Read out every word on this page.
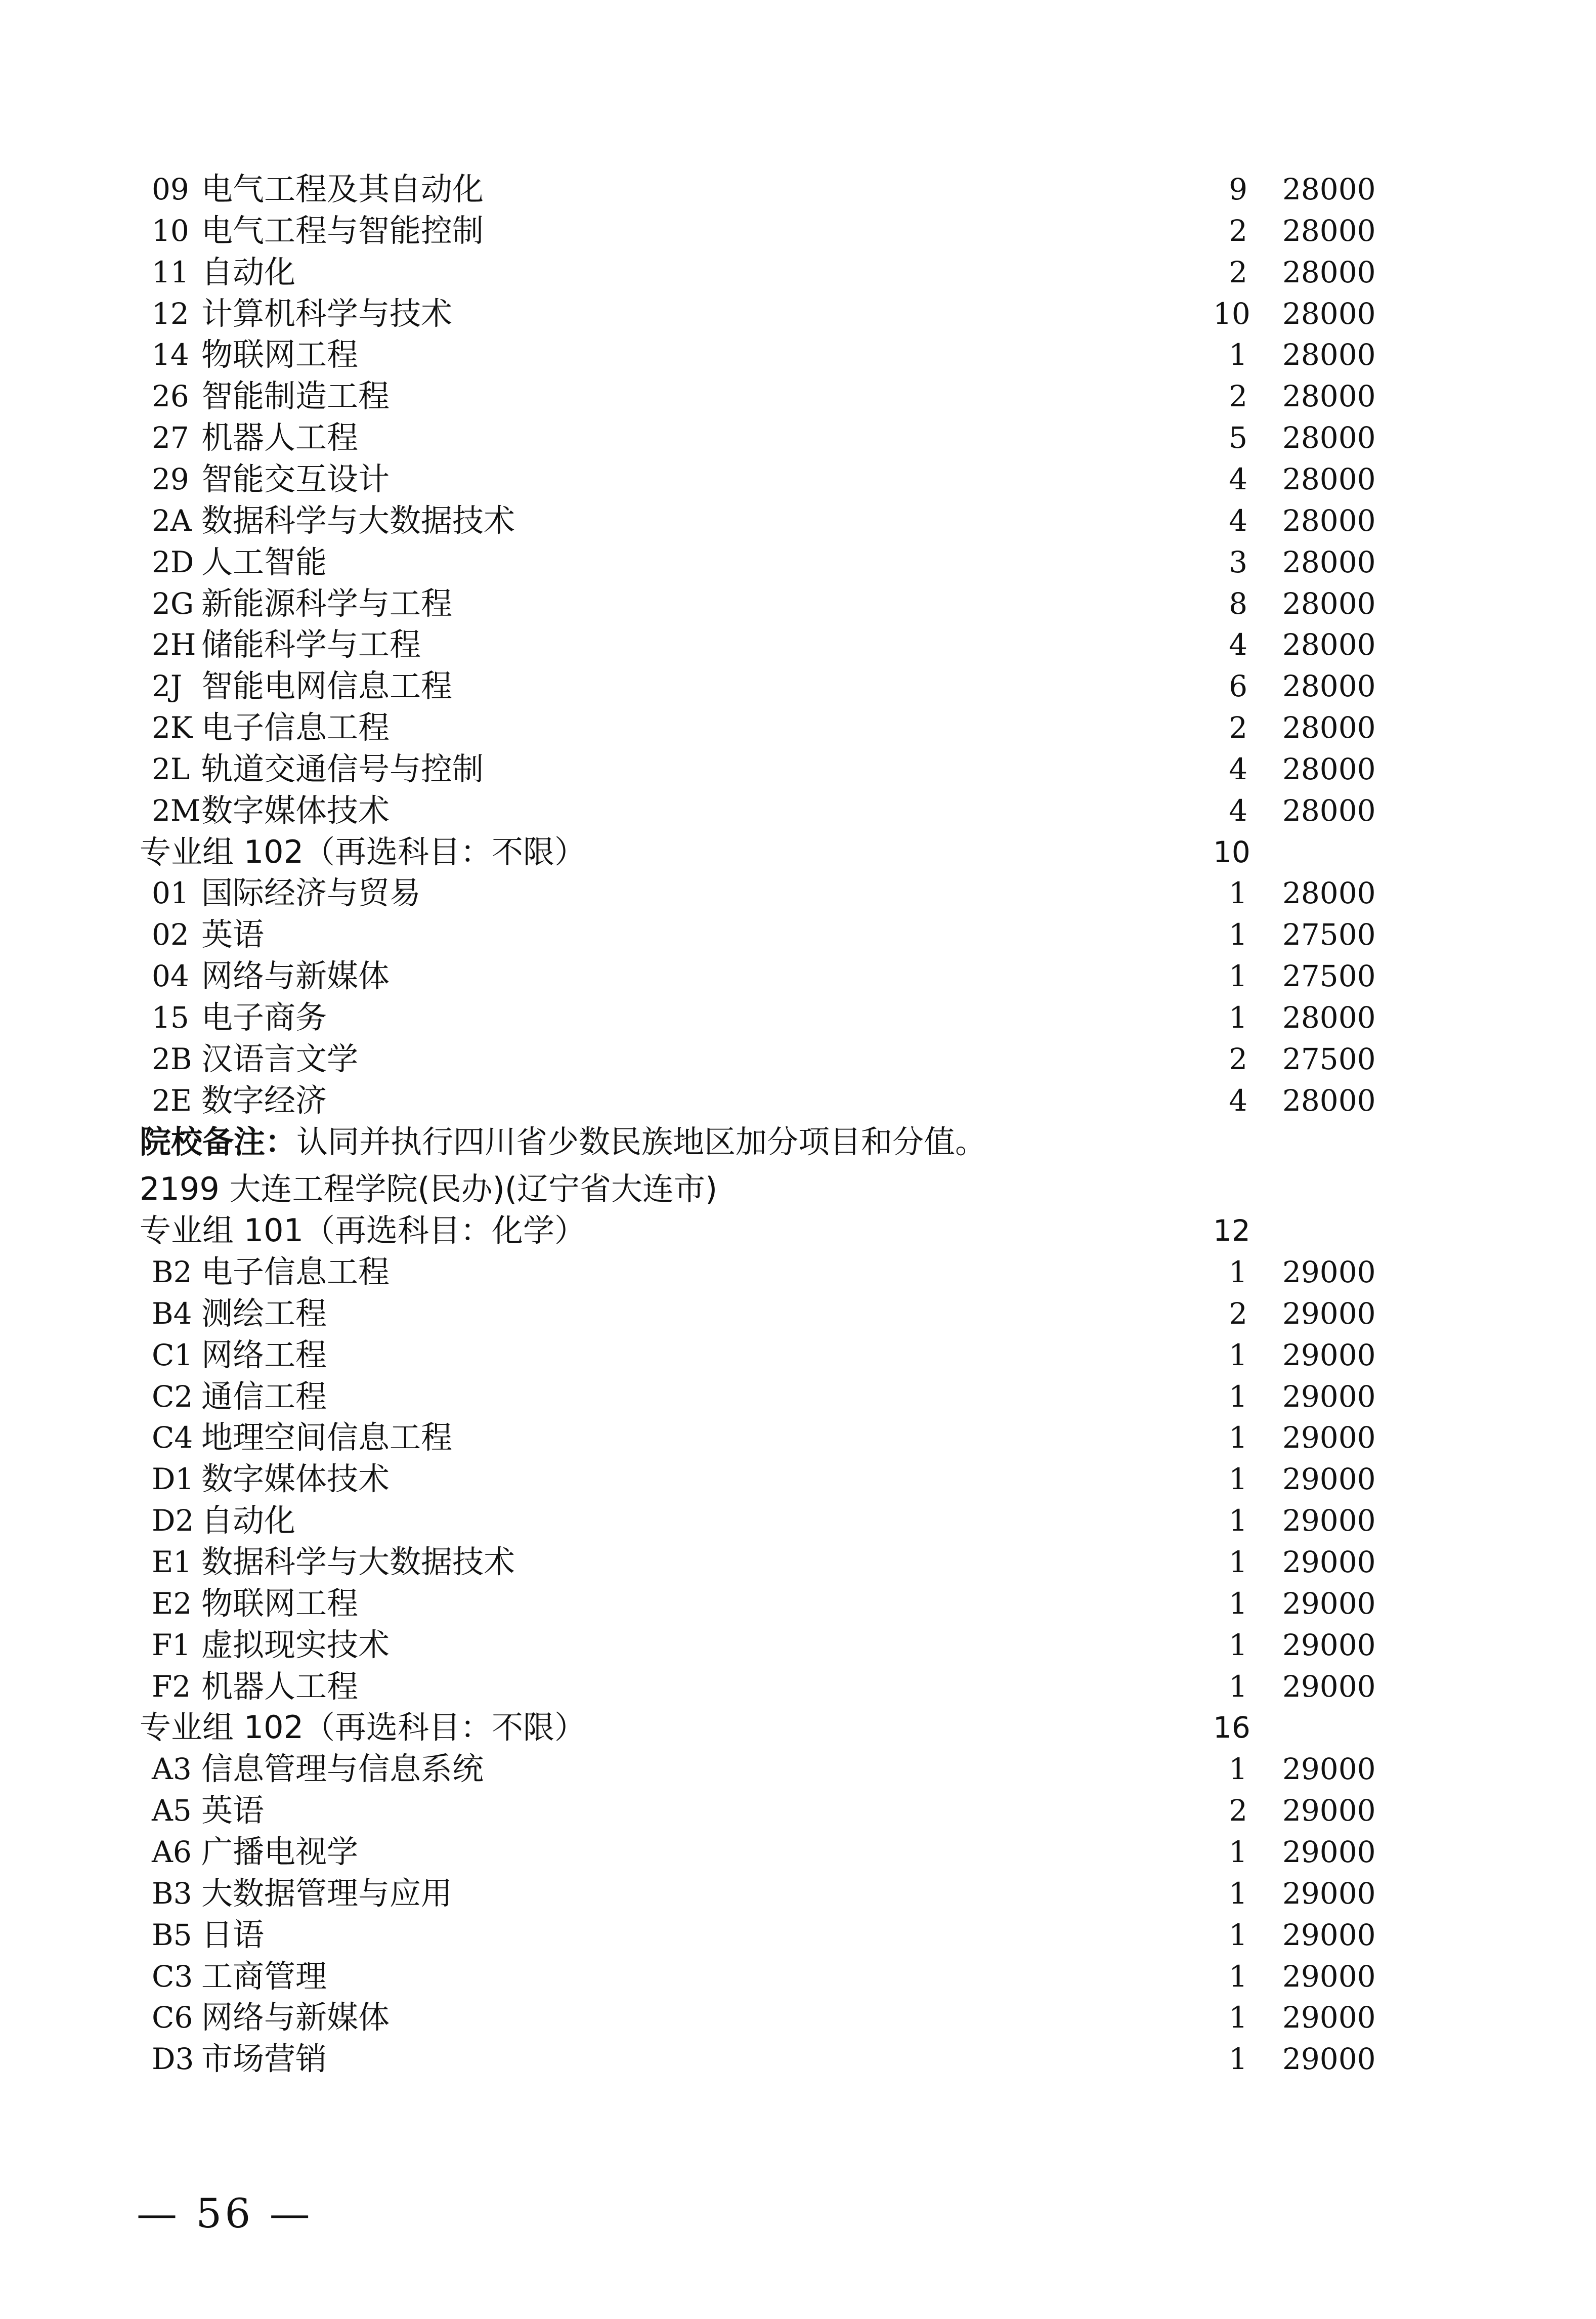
09 电气工程及其自动化	9 28000
10 电气工程与智能控制	2 28000
11 自动化	2 28000
12 计算机科学与技术	10 28000
14 物联网工程	1 28000
26 智能制造工程	2 28000
27 机器人工程	5 28000
29 智能交互设计	4 28000
2A 数据科学与大数据技术	4 28000
2D 人工智能	3 28000
2G 新能源科学与工程	8 28000
2H 储能科学与工程	4 28000
2J 智能电网信息工程	6 28000
2K 电子信息工程	2 28000
2L 轨道交通信号与控制	4 28000
2M 数字媒体技术	4 28000
专业组 102（再选科目：不限）	10
01 国际经济与贸易	1 28000
02 英语	1 27500
04 网络与新媒体	1 27500
15 电子商务	1 28000
2B 汉语言文学	2 27500
2E 数字经济	4 28000
院校备注：认同并执行四川省少数民族地区加分项目和分值。
2199 大连工程学院(民办)(辽宁省大连市)
专业组 101（再选科目：化学）	12
B2 电子信息工程	1 29000
B4 测绘工程	2 29000
C1 网络工程	1 29000
C2 通信工程	1 29000
C4 地理空间信息工程	1 29000
D1 数字媒体技术	1 29000
D2 自动化	1 29000
E1 数据科学与大数据技术	1 29000
E2 物联网工程	1 29000
F1 虚拟现实技术	1 29000
F2 机器人工程	1 29000
专业组 102（再选科目：不限）	16
A3 信息管理与信息系统	1 29000
A5 英语	2 29000
A6 广播电视学	1 29000
B3 大数据管理与应用	1 29000
B5 日语	1 29000
C3 工商管理	1 29000
C6 网络与新媒体	1 29000
D3 市场营销	1 29000
— 56 —
